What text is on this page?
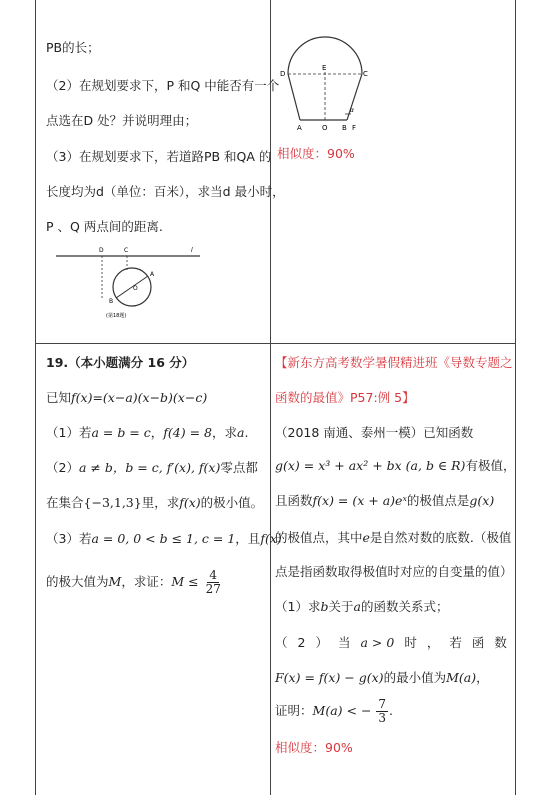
PB的长；
（2）在规划要求下，P 和Q 中能否有一个
点选在D 处？并说明理由；
（3）在规划要求下，若道路PB 和QA 的
长度均为d（单位：百米），求当d 最小时，
P 、Q 两点间的距离.
D	C	l
A
B
O
(第18题)
D
E
C
A	O B F
α
相似度：90%
19.（本小题满分 16 分）
已知f(x)=(x−a)(x−b)(x−c)
（1）若a = b = c，f(4) = 8，求a.
（2）a ≠ b，b = c, f′(x), f(x)零点都
在集合{−3,1,3}里，求f(x)的极小值。
（3）若a = 0, 0 < b ≤ 1, c = 1，且f(x)
的极大值为M，求证：$M \le \frac{4}{27}$
【新东方高考数学暑假精进班《导数专题之
函数的最值》P57:例 5】
（2018 南通、泰州一模）已知函数
g(x) = x³ + ax² + bx (a, b ∈ R)有极值，
且函数f(x) = (x + a)eˣ的极值点是g(x)
的极值点，其中e是自然对数的底数.（极值
点是指函数取得极值时对应的自变量的值）
（1）求b关于a的函数关系式；
（ 2 ） 当 a > 0 时 ， 若 函 数
F(x) = f(x) − g(x)的最小值为M(a)，
证明：M(a) < − $\frac{7}{3}$ .
相似度：90%
